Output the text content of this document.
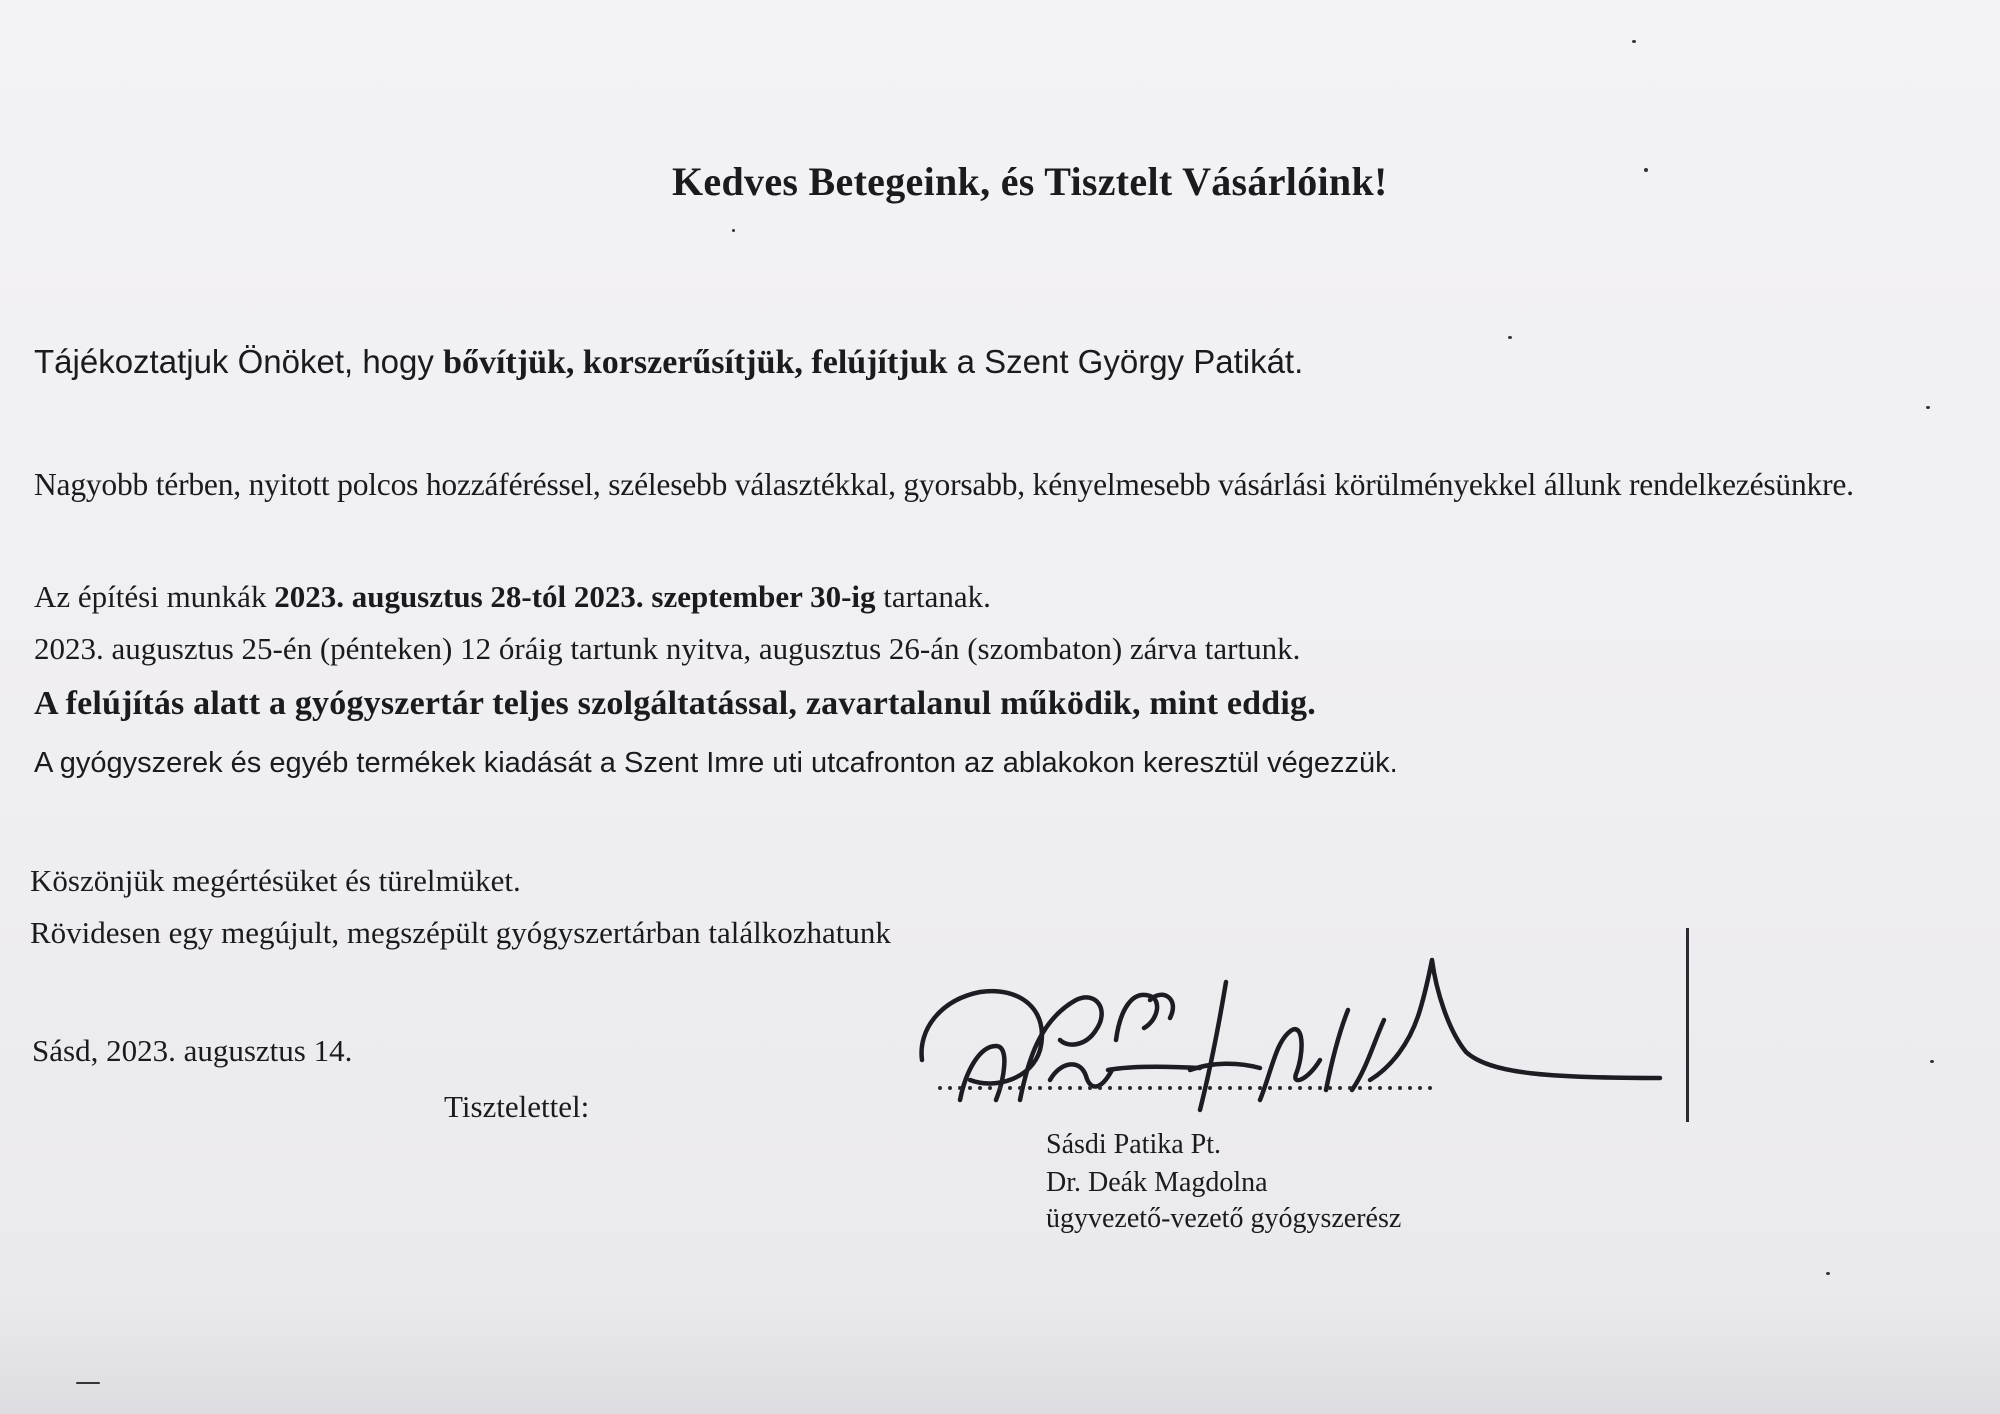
Kedves Betegeink, és Tisztelt Vásárlóink!
Tájékoztatjuk Önöket, hogy bővítjük, korszerűsítjük, felújítjuk a Szent György Patikát.
Nagyobb térben, nyitott polcos hozzáféréssel, szélesebb választékkal, gyorsabb, kényelmesebb vásárlási körülményekkel állunk rendelkezésünkre.
Az építési munkák 2023. augusztus 28-tól 2023. szeptember 30-ig tartanak.
2023. augusztus 25-én (pénteken) 12 óráig tartunk nyitva, augusztus 26-án (szombaton) zárva tartunk.
A felújítás alatt a gyógyszertár teljes szolgáltatással, zavartalanul működik, mint eddig.
A gyógyszerek és egyéb termékek kiadását a Szent Imre uti utcafronton az ablakokon keresztül végezzük.
Köszönjük megértésüket és türelmüket.
Rövidesen egy megújult, megszépült gyógyszertárban találkozhatunk
Sásd, 2023. augusztus 14.
Tisztelettel:
Sásdi Patika Pt.
Dr. Deák Magdolna
ügyvezető-vezető gyógyszerész
